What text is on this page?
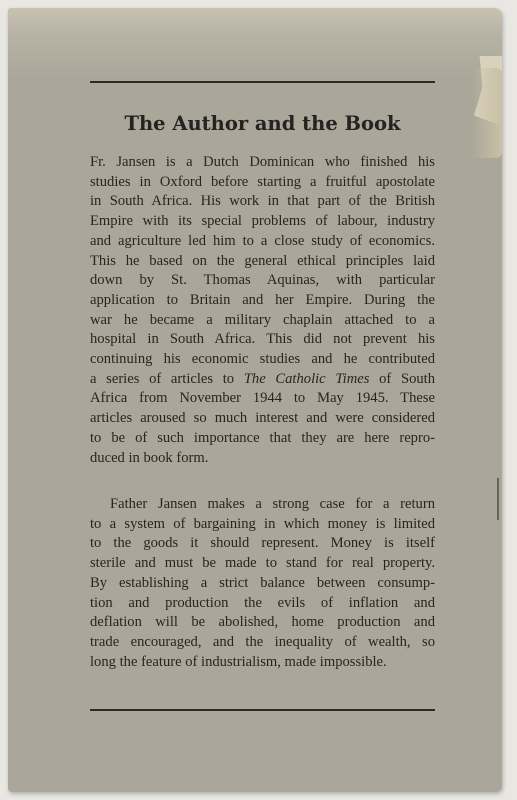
The Author and the Book
Fr. Jansen is a Dutch Dominican who finished his
studies in Oxford before starting a fruitful apostolate
in South Africa. His work in that part of the British
Empire with its special problems of labour, industry
and agriculture led him to a close study of economics.
This he based on the general ethical principles laid
down by St. Thomas Aquinas, with particular
application to Britain and her Empire. During the
war he became a military chaplain attached to a
hospital in South Africa. This did not prevent his
continuing his economic studies and he contributed
a series of articles to The Catholic Times of South
Africa from November 1944 to May 1945. These
articles aroused so much interest and were considered
to be of such importance that they are here repro-
duced in book form.
Father Jansen makes a strong case for a return
to a system of bargaining in which money is limited
to the goods it should represent. Money is itself
sterile and must be made to stand for real property.
By establishing a strict balance between consump-
tion and production the evils of inflation and
deflation will be abolished, home production and
trade encouraged, and the inequality of wealth, so
long the feature of industrialism, made impossible.
